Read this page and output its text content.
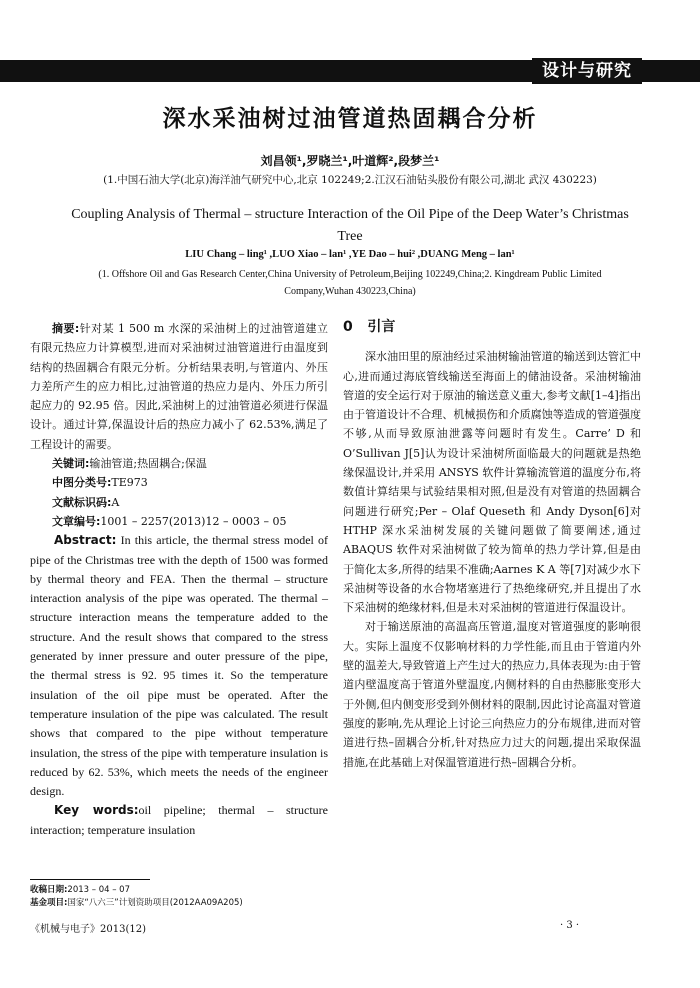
设计与研究
深水采油树过油管道热固耦合分析
刘昌领¹,罗晓兰¹,叶道辉²,段梦兰¹
(1.中国石油大学(北京)海洋油气研究中心,北京 102249;2.江汉石油钻头股份有限公司,湖北 武汉 430223)
Coupling Analysis of Thermal – structure Interaction of the Oil Pipe of the Deep Water’s Christmas Tree
LIU Chang – ling¹ ,LUO Xiao – lan¹ ,YE Dao – hui² ,DUANG Meng – lan¹
(1. Offshore Oil and Gas Research Center,China University of Petroleum,Beijing 102249,China;2. Kingdream Public Limited Company,Wuhan 430223,China)

摘要:针对某 1 500 m 水深的采油树上的过油管道建立有限元热应力计算模型,进而对采油树过油管道进行由温度到结构的热固耦合有限元分析。分析结果表明,与管道内、外压力差所产生的应力相比,过油管道的热应力是内、外压力所引起应力的 92.95 倍。因此,采油树上的过油管道必须进行保温设计。通过计算,保温设计后的热应力减小了 62.53%,满足了工程设计的需要。

关键词:输油管道;热固耦合;保温

中图分类号:TE973

文献标识码:A

文章编号:1001 – 2257(2013)12 – 0003 – 05

Abstract: In this article, the thermal stress model of pipe of the Christmas tree with the depth of 1500 was formed by thermal theory and FEA. Then the thermal – structure interaction analysis of the pipe was operated. The thermal – structure interaction means the temperature added to the structure. And the result shows that compared to the stress generated by inner pressure and outer pressure of the pipe, the thermal stress is 92. 95 times it. So the temperature insulation of the oil pipe must be operated. After the temperature insulation of the pipe was calculated. The result shows that compared to the pipe without temperature insulation, the stress of the pipe with temperature insulation is reduced by 62. 53%, which meets the needs of the engineer design.

Key words:oil pipeline; thermal – structure interaction; temperature insulation

0 引言

深水油田里的原油经过采油树输油管道的输送到达管汇中心,进而通过海底管线输送至海面上的储油设备。采油树输油管道的安全运行对于原油的输送意义重大,参考文献[1–4]指出由于管道设计不合理、机械损伤和介质腐蚀等造成的管道强度不够,从而导致原油泄露等问题时有发生。Carre’ D 和 O’Sullivan J[5]认为设计采油树所面临最大的问题就是热绝缘保温设计,并采用 ANSYS 软件计算输流管道的温度分布,将数值计算结果与试验结果相对照,但是没有对管道的热固耦合问题进行研究;Per – Olaf Queseth 和 Andy Dyson[6]对 HTHP 深水采油树发展的关键问题做了简要阐述,通过 ABAQUS 软件对采油树做了较为简单的热力学计算,但是由于简化太多,所得的结果不准确;Aarnes K A 等[7]对减少水下采油树等设备的水合物堵塞进行了热绝缘研究,并且提出了水下采油树的绝缘材料,但是未对采油树的管道进行保温设计。

对于输送原油的高温高压管道,温度对管道强度的影响很大。实际上温度不仅影响材料的力学性能,而且由于管道内外壁的温差大,导致管道上产生过大的热应力,具体表现为:由于管道内壁温度高于管道外壁温度,内侧材料的自由热膨胀变形大于外侧,但内侧变形受到外侧材料的限制,因此讨论高温对管道强度的影响,先从理论上讨论三向热应力的分布规律,进而对管道进行热–固耦合分析,针对热应力过大的问题,提出采取保温措施,在此基础上对保温管道进行热–固耦合分析。

收稿日期:2013 – 04 – 07
基金项目:国家“八六三”计划资助项目(2012AA09A205)
《机械与电子》2013(12)	· 3 ·
